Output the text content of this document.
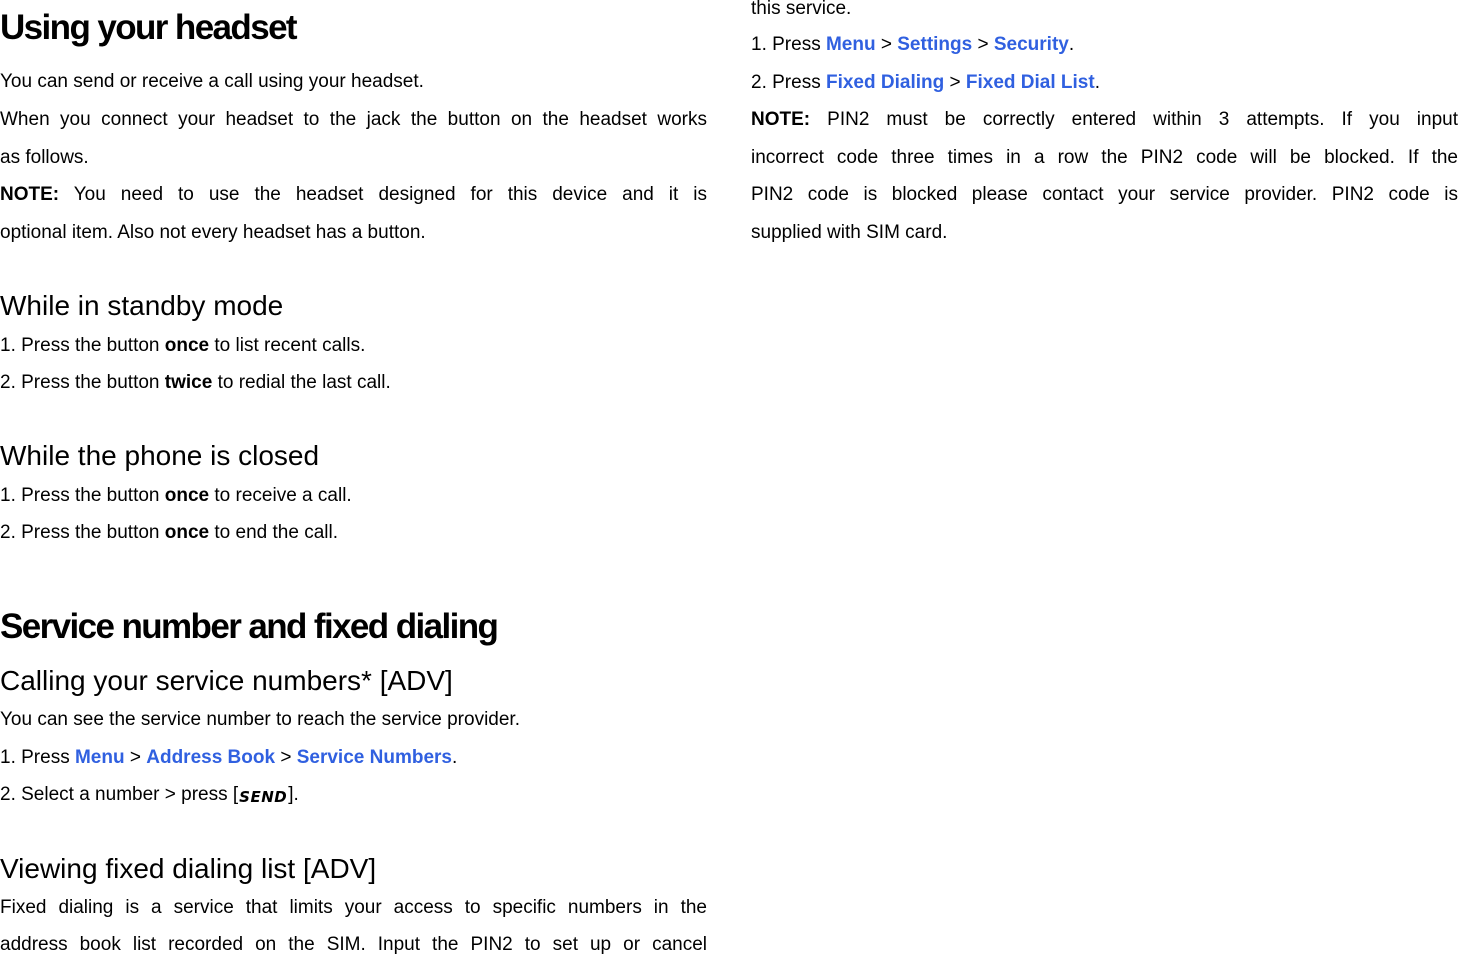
Using your headset
You can send or receive a call using your headset.
When you connect your headset to the jack the button on the headset works
as follows.
NOTE: You need to use the headset designed for this device and it is
optional item. Also not every headset has a button.
While in standby mode
1. Press the button once to list recent calls.
2. Press the button twice to redial the last call.
While the phone is closed
1. Press the button once to receive a call.
2. Press the button once to end the call.
Service number and fixed dialing
Calling your service numbers* [ADV]
You can see the service number to reach the service provider.
1. Press Menu > Address Book > Service Numbers.
2. Select a number > press [SEND].
Viewing fixed dialing list [ADV]
Fixed dialing is a service that limits your access to specific numbers in the
address book list recorded on the SIM. Input the PIN2 to set up or cancel
this service.
1. Press Menu > Settings > Security.
2. Press Fixed Dialing > Fixed Dial List.
NOTE: PIN2 must be correctly entered within 3 attempts. If you input
incorrect code three times in a row the PIN2 code will be blocked. If the
PIN2 code is blocked please contact your service provider. PIN2 code is
supplied with SIM card.
